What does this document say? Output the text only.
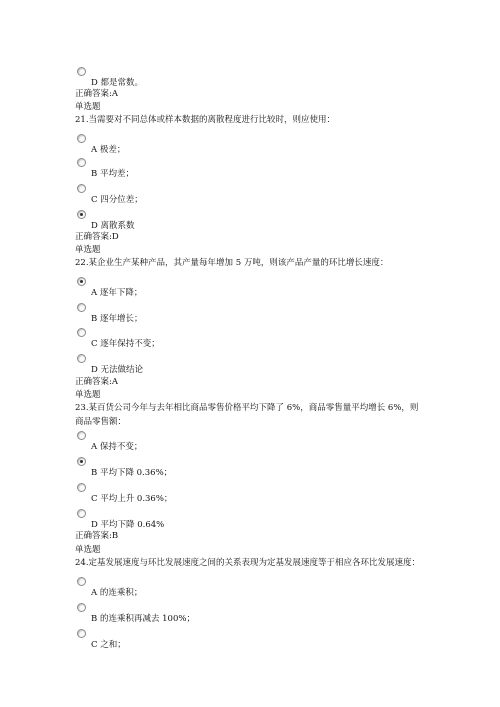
D 都是常数。
正确答案:A
单选题
21.当需要对不同总体或样本数据的离散程度进行比较时，则应使用：
A 极差；
B 平均差；
C 四分位差；
D 离散系数
正确答案:D
单选题
22.某企业生产某种产品，其产量每年增加 5 万吨，则该产品产量的环比增长速度：
A 逐年下降；
B 逐年增长；
C 逐年保持不变；
D 无法做结论
正确答案:A
单选题
23.某百货公司今年与去年相比商品零售价格平均下降了 6%，商品零售量平均增长 6%，则
商品零售额：
A 保持不变；
B 平均下降 0.36%；
C 平均上升 0.36%；
D 平均下降 0.64%
正确答案:B
单选题
24.定基发展速度与环比发展速度之间的关系表现为定基发展速度等于相应各环比发展速度：
A 的连乘积；
B 的连乘积再减去 100%；
C 之和；
